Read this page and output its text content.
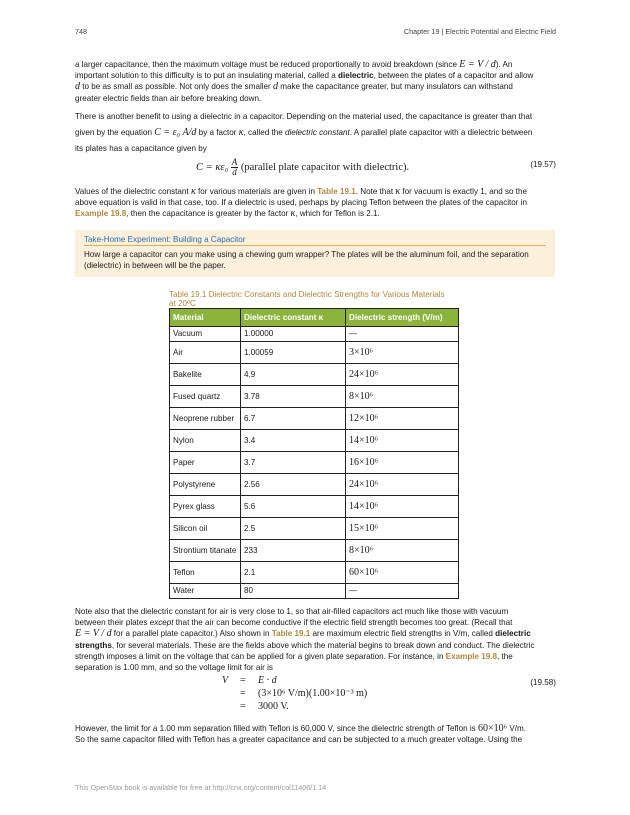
748	Chapter 19 | Electric Potential and Electric Field
a larger capacitance, then the maximum voltage must be reduced proportionally to avoid breakdown (since E = V / d). An
important solution to this difficulty is to put an insulating material, called a dielectric, between the plates of a capacitor and allow
d to be as small as possible. Not only does the smaller d make the capacitance greater, but many insulators can withstand
greater electric fields than air before breaking down.
There is another benefit to using a dielectric in a capacitor. Depending on the material used, the capacitance is greater than that
given by the equation C = ε₀ A/d by a factor κ, called the dielectric constant. A parallel plate capacitor with a dielectric between
its plates has a capacitance given by
$C = \kappa\varepsilon_0 \frac{A}{d}$ (parallel plate capacitor with dielectric).	(19.57)
Values of the dielectric constant κ for various materials are given in Table 19.1. Note that κ for vacuum is exactly 1, and so the
above equation is valid in that case, too. If a dielectric is used, perhaps by placing Teflon between the plates of the capacitor in
Example 19.8, then the capacitance is greater by the factor κ, which for Teflon is 2.1.
Take-Home Experiment: Building a Capacitor
How large a capacitor can you make using a chewing gum wrapper? The plates will be the aluminum foil, and the separation
(dielectric) in between will be the paper.
Table 19.1 Dielectric Constants and Dielectric Strengths for Various Materials
at 20ºC
Material	Dielectric constant κ	Dielectric strength (V/m)
Vacuum	1.00000	—
Air	1.00059	3×10⁶
Bakelite	4.9	24×10⁶
Fused quartz	3.78	8×10⁶
Neoprene rubber	6.7	12×10⁶
Nylon	3.4	14×10⁶
Paper	3.7	16×10⁶
Polystyrene	2.56	24×10⁶
Pyrex glass	5.6	14×10⁶
Silicon oil	2.5	15×10⁶
Strontium titanate	233	8×10⁶
Teflon	2.1	60×10⁶
Water	80	—
Note also that the dielectric constant for air is very close to 1, so that air-filled capacitors act much like those with vacuum
between their plates except that the air can become conductive if the electric field strength becomes too great. (Recall that
E = V / d for a parallel plate capacitor.) Also shown in Table 19.1 are maximum electric field strengths in V/m, called dielectric
strengths, for several materials. These are the fields above which the material begins to break down and conduct. The dielectric
strength imposes a limit on the voltage that can be applied for a given plate separation. For instance, in Example 19.8, the
separation is 1.00 mm, and so the voltage limit for air is
V = E · d
= (3×10⁶ V/m)(1.00×10⁻³ m)
= 3000 V.
(19.58)
However, the limit for a 1.00 mm separation filled with Teflon is 60,000 V, since the dielectric strength of Teflon is 60×10⁶ V/m.
So the same capacitor filled with Teflon has a greater capacitance and can be subjected to a much greater voltage. Using the
This OpenStax book is available for free at http://cnx.org/content/col11406/1.14
